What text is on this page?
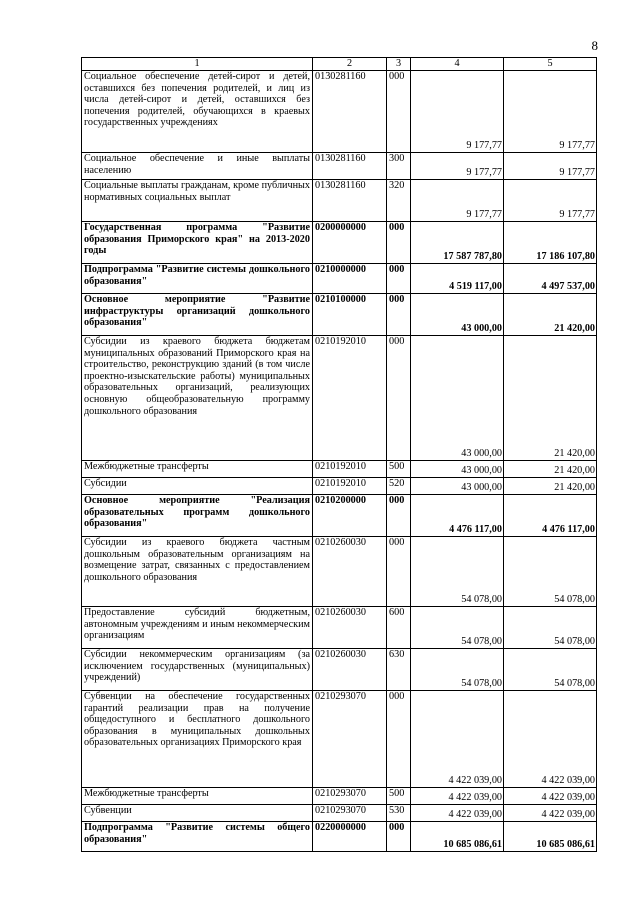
8
1	2	3	4	5
Социальное обеспечение детей-сирот и детей, оставшихся без попечения родителей, и лиц из числа детей-сирот и детей, оставшихся без попечения родителей, обучающихся в краевых государственных учреждениях	0130281160	000	9 177,77	9 177,77
Социальное обеспечение и иные выплаты населению	0130281160	300	9 177,77	9 177,77
Социальные выплаты гражданам, кроме публичных нормативных социальных выплат	0130281160	320	9 177,77	9 177,77
Государственная программа "Развитие образования Приморского края" на 2013-2020 годы	0200000000	000	17 587 787,80	17 186 107,80
Подпрограмма "Развитие системы дошкольного образования"	0210000000	000	4 519 117,00	4 497 537,00
Основное мероприятие "Развитие инфраструктуры организаций дошкольного образования"	0210100000	000	43 000,00	21 420,00
Субсидии из краевого бюджета бюджетам муниципальных образований Приморского края на строительство, реконструкцию зданий (в том числе проектно-изыскательские работы) муниципальных образовательных организаций, реализующих основную общеобразовательную программу дошкольного образования	0210192010	000	43 000,00	21 420,00
Межбюджетные трансферты	0210192010	500	43 000,00	21 420,00
Субсидии	0210192010	520	43 000,00	21 420,00
Основное мероприятие "Реализация образовательных программ дошкольного образования"	0210200000	000	4 476 117,00	4 476 117,00
Субсидии из краевого бюджета частным дошкольным образовательным организациям на возмещение затрат, связанных с предоставлением дошкольного образования	0210260030	000	54 078,00	54 078,00
Предоставление субсидий бюджетным, автономным учреждениям и иным некоммерческим организациям	0210260030	600	54 078,00	54 078,00
Субсидии некоммерческим организациям (за исключением государственных (муниципальных) учреждений)	0210260030	630	54 078,00	54 078,00
Субвенции на обеспечение государственных гарантий реализации прав на получение общедоступного и бесплатного дошкольного образования в муниципальных дошкольных образовательных организациях Приморского края	0210293070	000	4 422 039,00	4 422 039,00
Межбюджетные трансферты	0210293070	500	4 422 039,00	4 422 039,00
Субвенции	0210293070	530	4 422 039,00	4 422 039,00
Подпрограмма "Развитие системы общего образования"	0220000000	000	10 685 086,61	10 685 086,61
